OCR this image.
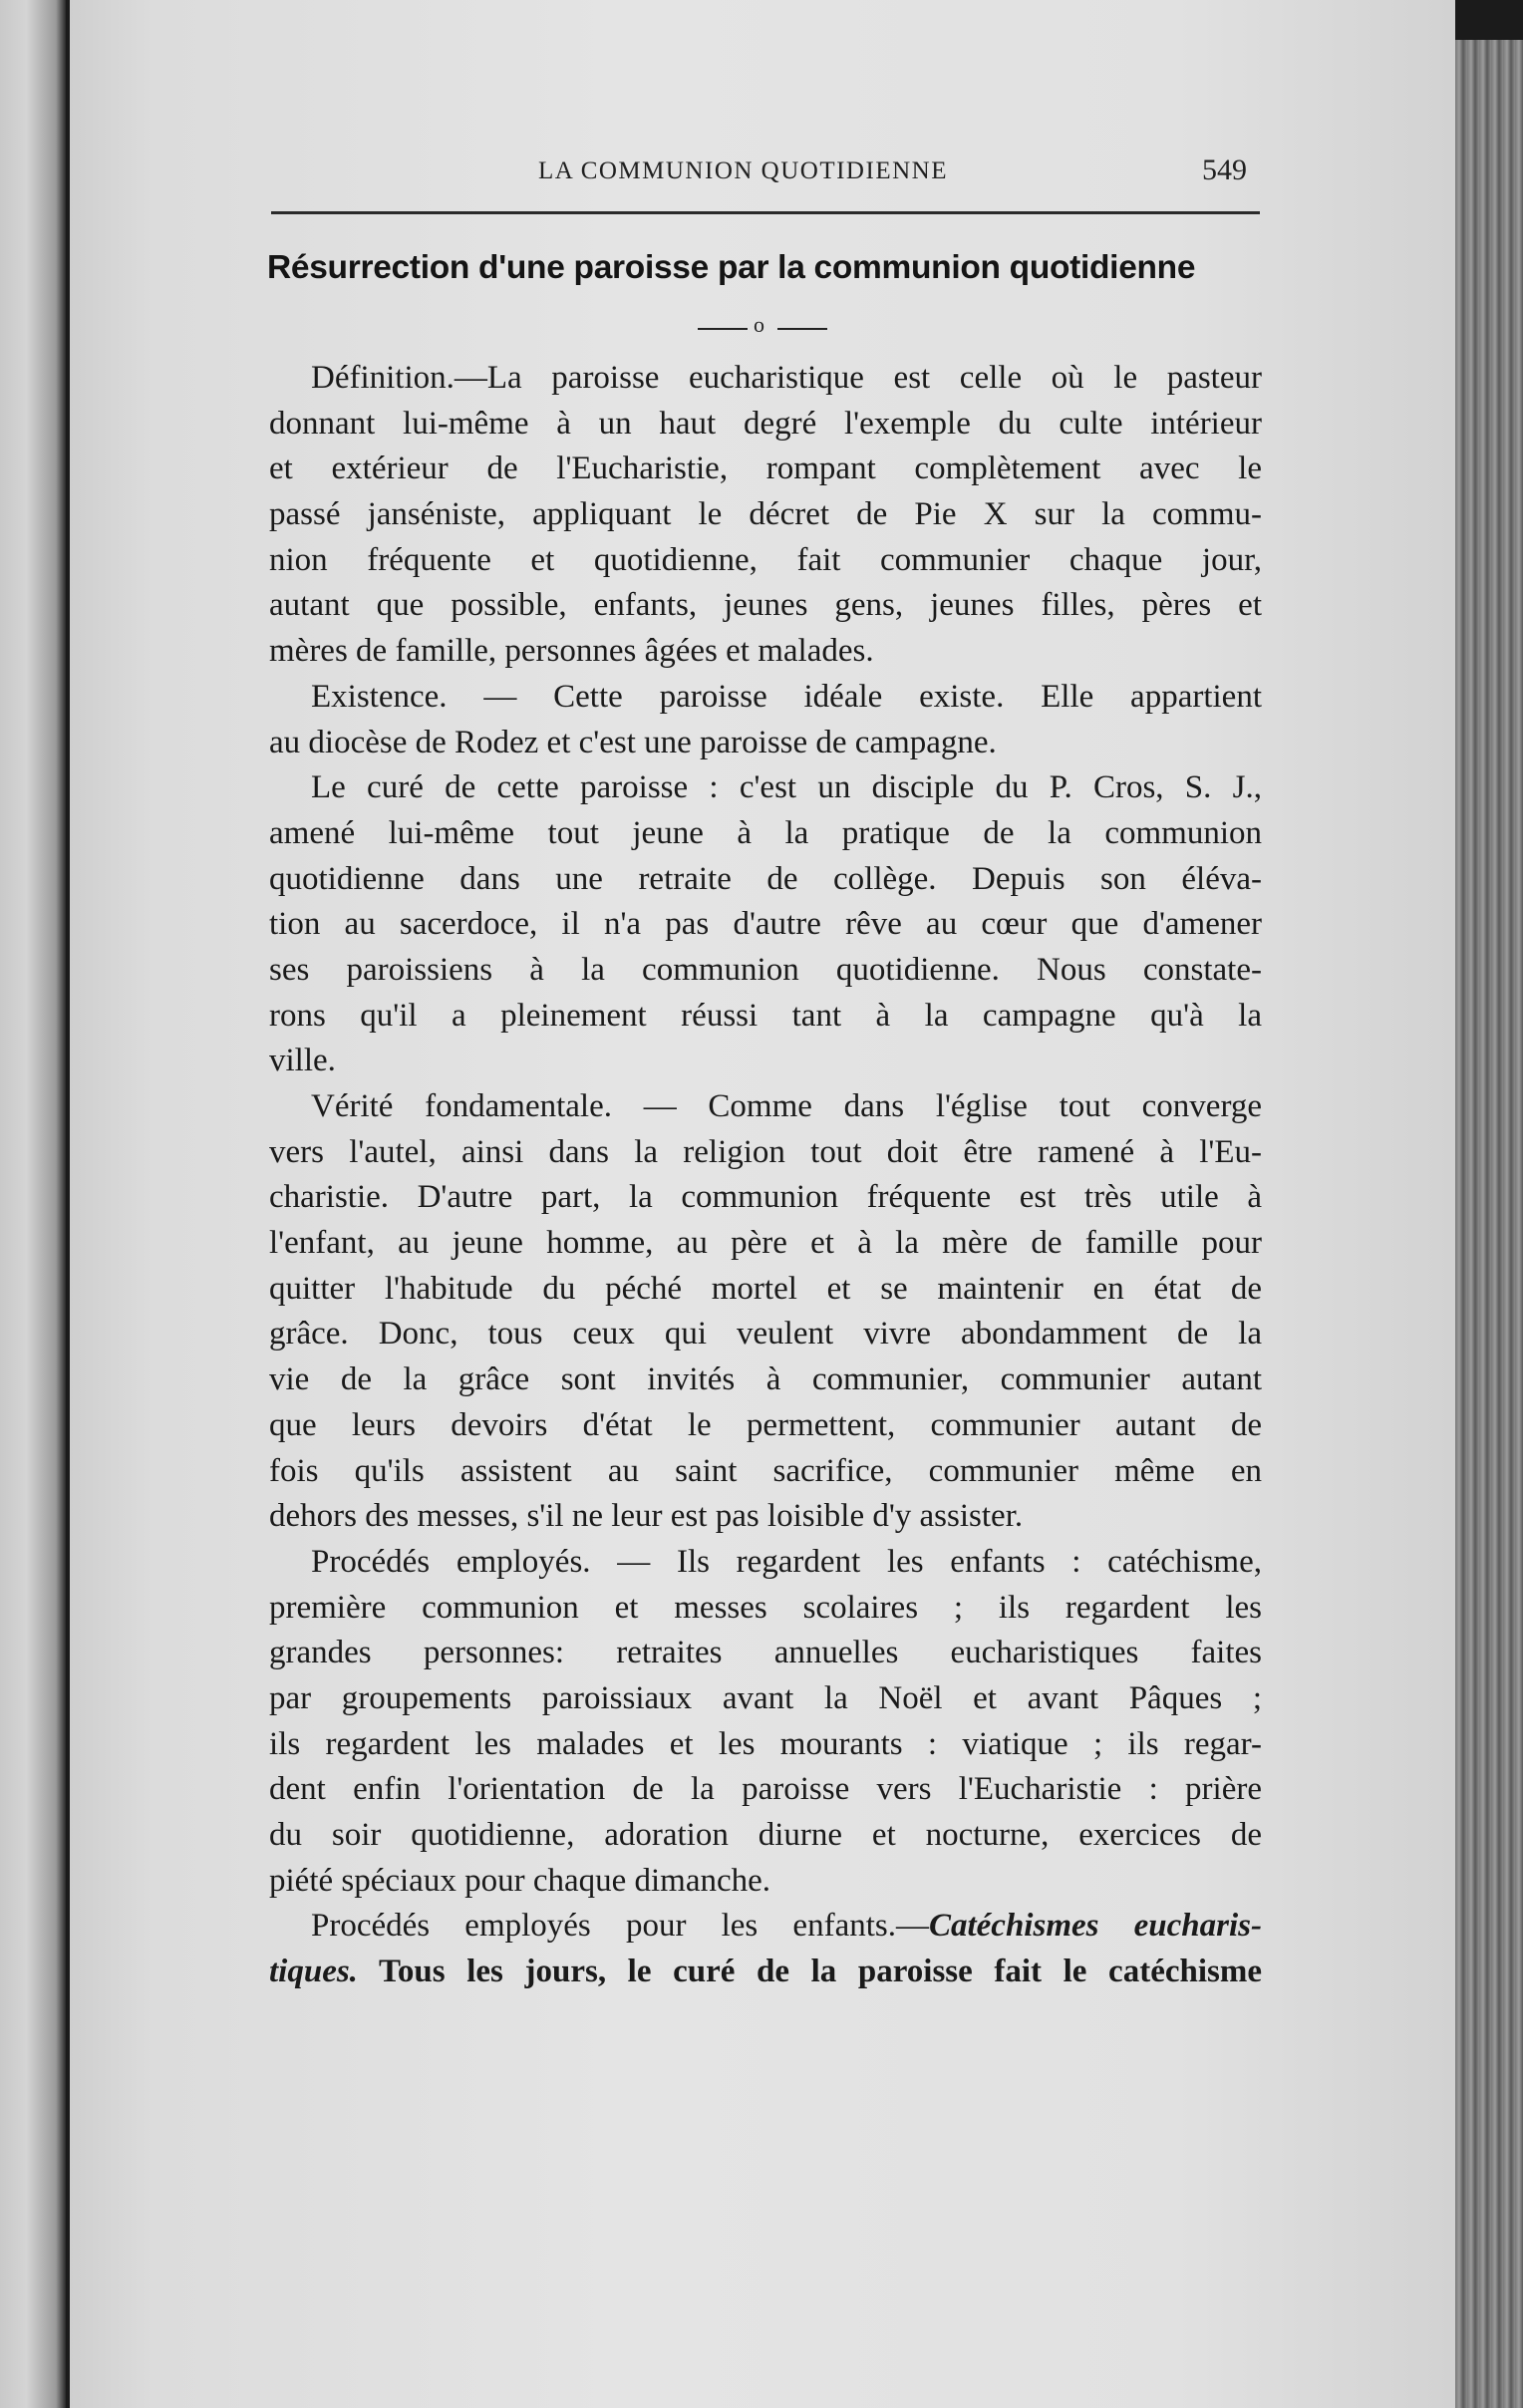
LA COMMUNION QUOTIDIENNE	549
Résurrection d'une paroisse par la communion quotidienne
o
Définition.—La paroisse eucharistique est celle où le pasteur
donnant lui-même à un haut degré l'exemple du culte intérieur
et extérieur de l'Eucharistie, rompant complètement avec le
passé janséniste, appliquant le décret de Pie X sur la commu-
nion fréquente et quotidienne, fait communier chaque jour,
autant que possible, enfants, jeunes gens, jeunes filles, pères et
mères de famille, personnes âgées et malades.
Existence. — Cette paroisse idéale existe. Elle appartient
au diocèse de Rodez et c'est une paroisse de campagne.
Le curé de cette paroisse : c'est un disciple du P. Cros, S. J.,
amené lui-même tout jeune à la pratique de la communion
quotidienne dans une retraite de collège. Depuis son éléva-
tion au sacerdoce, il n'a pas d'autre rêve au cœur que d'amener
ses paroissiens à la communion quotidienne. Nous constate-
rons qu'il a pleinement réussi tant à la campagne qu'à la
ville.
Vérité fondamentale. — Comme dans l'église tout converge
vers l'autel, ainsi dans la religion tout doit être ramené à l'Eu-
charistie. D'autre part, la communion fréquente est très utile à
l'enfant, au jeune homme, au père et à la mère de famille pour
quitter l'habitude du péché mortel et se maintenir en état de
grâce. Donc, tous ceux qui veulent vivre abondamment de la
vie de la grâce sont invités à communier, communier autant
que leurs devoirs d'état le permettent, communier autant de
fois qu'ils assistent au saint sacrifice, communier même en
dehors des messes, s'il ne leur est pas loisible d'y assister.
Procédés employés. — Ils regardent les enfants : catéchisme,
première communion et messes scolaires ; ils regardent les
grandes personnes: retraites annuelles eucharistiques faites
par groupements paroissiaux avant la Noël et avant Pâques ;
ils regardent les malades et les mourants : viatique ; ils regar-
dent enfin l'orientation de la paroisse vers l'Eucharistie : prière
du soir quotidienne, adoration diurne et nocturne, exercices de
piété spéciaux pour chaque dimanche.
Procédés employés pour les enfants.—Catéchismes eucharis-
tiques. Tous les jours, le curé de la paroisse fait le catéchisme
